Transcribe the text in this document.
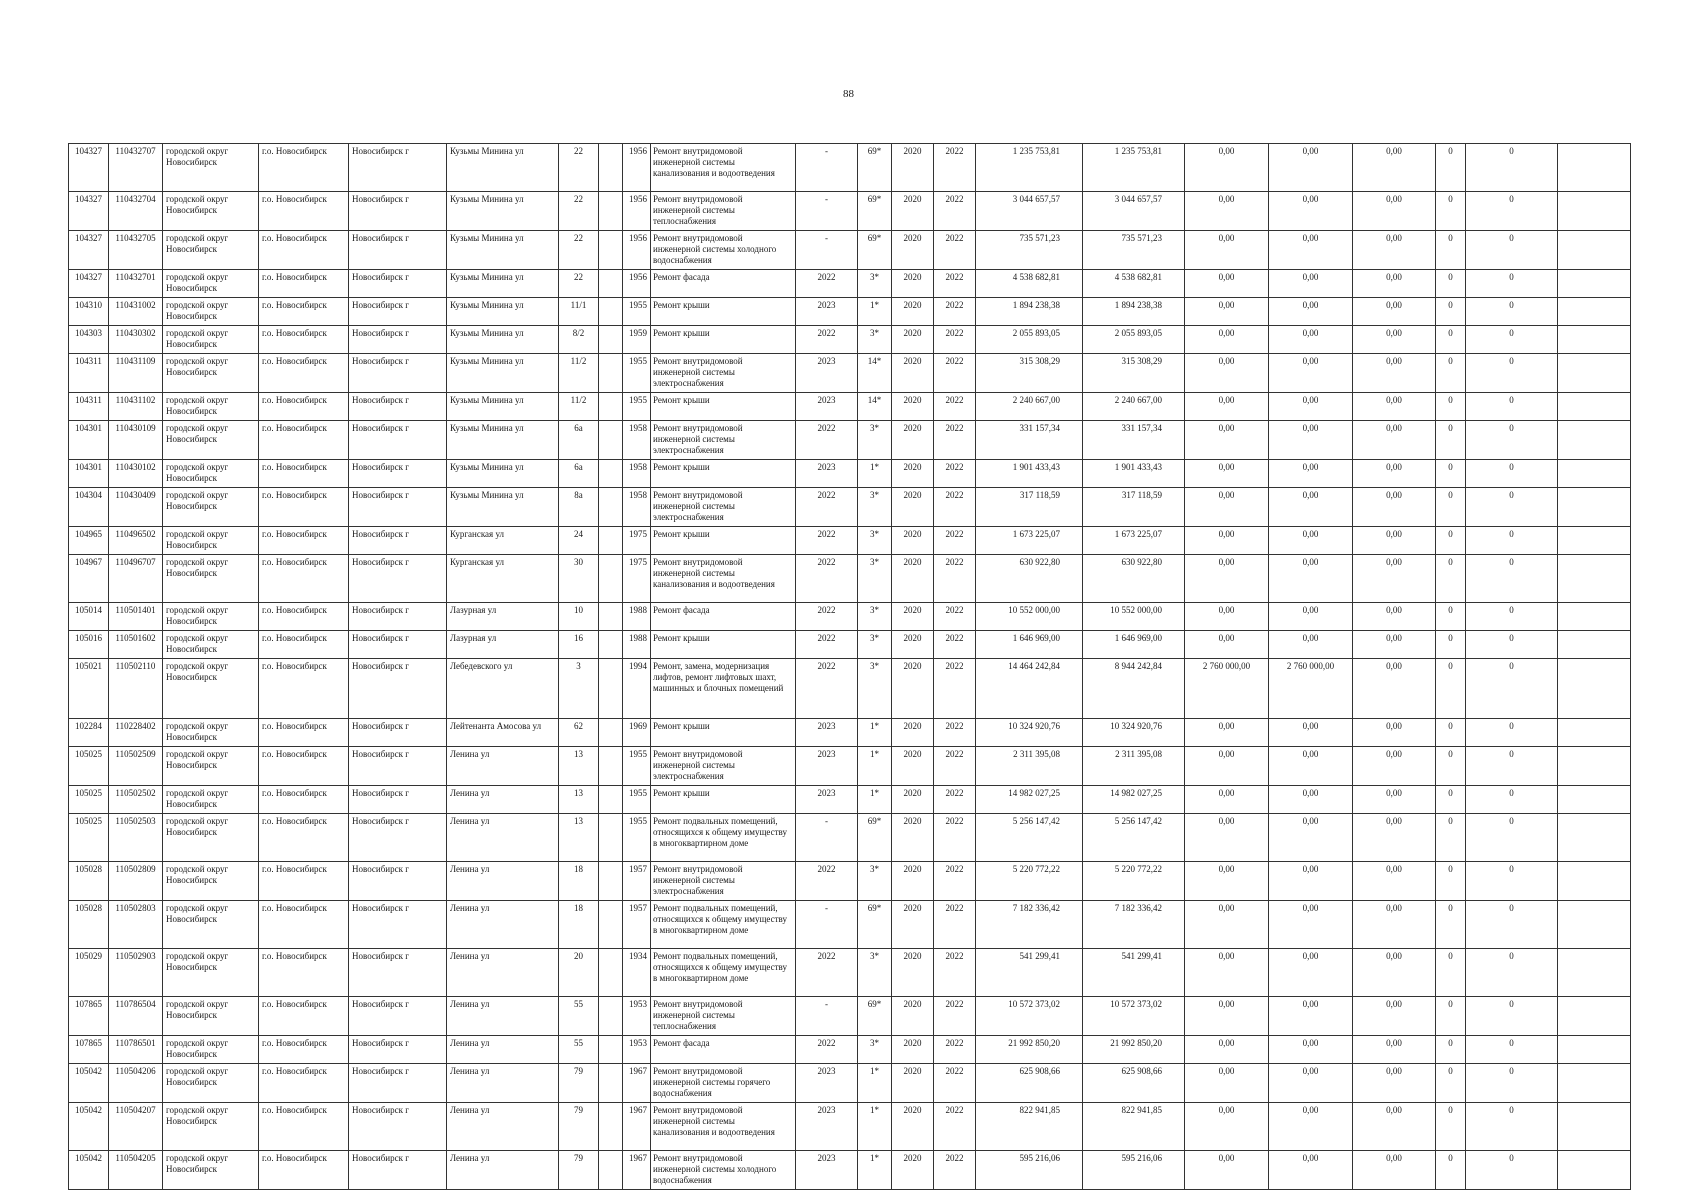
88
104327	110432707	городской округ Новосибирск	г.о. Новосибирск	Новосибирск г	Кузьмы Минина ул	22		1956	Ремонт внутридомовой инженерной системы канализования и водоотведения	-	69*	2020	2022	1 235 753,81	1 235 753,81	0,00	0,00	0,00	0	0	
104327	110432704	городской округ Новосибирск	г.о. Новосибирск	Новосибирск г	Кузьмы Минина ул	22		1956	Ремонт внутридомовой инженерной системы теплоснабжения	-	69*	2020	2022	3 044 657,57	3 044 657,57	0,00	0,00	0,00	0	0	
104327	110432705	городской округ Новосибирск	г.о. Новосибирск	Новосибирск г	Кузьмы Минина ул	22		1956	Ремонт внутридомовой инженерной системы холодного водоснабжения	-	69*	2020	2022	735 571,23	735 571,23	0,00	0,00	0,00	0	0	
104327	110432701	городской округ Новосибирск	г.о. Новосибирск	Новосибирск г	Кузьмы Минина ул	22		1956	Ремонт фасада	2022	3*	2020	2022	4 538 682,81	4 538 682,81	0,00	0,00	0,00	0	0	
104310	110431002	городской округ Новосибирск	г.о. Новосибирск	Новосибирск г	Кузьмы Минина ул	11/1		1955	Ремонт крыши	2023	1*	2020	2022	1 894 238,38	1 894 238,38	0,00	0,00	0,00	0	0	
104303	110430302	городской округ Новосибирск	г.о. Новосибирск	Новосибирск г	Кузьмы Минина ул	8/2		1959	Ремонт крыши	2022	3*	2020	2022	2 055 893,05	2 055 893,05	0,00	0,00	0,00	0	0	
104311	110431109	городской округ Новосибирск	г.о. Новосибирск	Новосибирск г	Кузьмы Минина ул	11/2		1955	Ремонт внутридомовой инженерной системы электроснабжения	2023	14*	2020	2022	315 308,29	315 308,29	0,00	0,00	0,00	0	0	
104311	110431102	городской округ Новосибирск	г.о. Новосибирск	Новосибирск г	Кузьмы Минина ул	11/2		1955	Ремонт крыши	2023	14*	2020	2022	2 240 667,00	2 240 667,00	0,00	0,00	0,00	0	0	
104301	110430109	городской округ Новосибирск	г.о. Новосибирск	Новосибирск г	Кузьмы Минина ул	6а		1958	Ремонт внутридомовой инженерной системы электроснабжения	2022	3*	2020	2022	331 157,34	331 157,34	0,00	0,00	0,00	0	0	
104301	110430102	городской округ Новосибирск	г.о. Новосибирск	Новосибирск г	Кузьмы Минина ул	6а		1958	Ремонт крыши	2023	1*	2020	2022	1 901 433,43	1 901 433,43	0,00	0,00	0,00	0	0	
104304	110430409	городской округ Новосибирск	г.о. Новосибирск	Новосибирск г	Кузьмы Минина ул	8а		1958	Ремонт внутридомовой инженерной системы электроснабжения	2022	3*	2020	2022	317 118,59	317 118,59	0,00	0,00	0,00	0	0	
104965	110496502	городской округ Новосибирск	г.о. Новосибирск	Новосибирск г	Курганская ул	24		1975	Ремонт крыши	2022	3*	2020	2022	1 673 225,07	1 673 225,07	0,00	0,00	0,00	0	0	
104967	110496707	городской округ Новосибирск	г.о. Новосибирск	Новосибирск г	Курганская ул	30		1975	Ремонт внутридомовой инженерной системы канализования и водоотведения	2022	3*	2020	2022	630 922,80	630 922,80	0,00	0,00	0,00	0	0	
105014	110501401	городской округ Новосибирск	г.о. Новосибирск	Новосибирск г	Лазурная ул	10		1988	Ремонт фасада	2022	3*	2020	2022	10 552 000,00	10 552 000,00	0,00	0,00	0,00	0	0	
105016	110501602	городской округ Новосибирск	г.о. Новосибирск	Новосибирск г	Лазурная ул	16		1988	Ремонт крыши	2022	3*	2020	2022	1 646 969,00	1 646 969,00	0,00	0,00	0,00	0	0	
105021	110502110	городской округ Новосибирск	г.о. Новосибирск	Новосибирск г	Лебедевского ул	3		1994	Ремонт, замена, модернизация лифтов, ремонт лифтовых шахт, машинных и блочных помещений	2022	3*	2020	2022	14 464 242,84	8 944 242,84	2 760 000,00	2 760 000,00	0,00	0	0	
102284	110228402	городской округ Новосибирск	г.о. Новосибирск	Новосибирск г	Лейтенанта Амосова ул	62		1969	Ремонт крыши	2023	1*	2020	2022	10 324 920,76	10 324 920,76	0,00	0,00	0,00	0	0	
105025	110502509	городской округ Новосибирск	г.о. Новосибирск	Новосибирск г	Ленина ул	13		1955	Ремонт внутридомовой инженерной системы электроснабжения	2023	1*	2020	2022	2 311 395,08	2 311 395,08	0,00	0,00	0,00	0	0	
105025	110502502	городской округ Новосибирск	г.о. Новосибирск	Новосибирск г	Ленина ул	13		1955	Ремонт крыши	2023	1*	2020	2022	14 982 027,25	14 982 027,25	0,00	0,00	0,00	0	0	
105025	110502503	городской округ Новосибирск	г.о. Новосибирск	Новосибирск г	Ленина ул	13		1955	Ремонт подвальных помещений, относящихся к общему имуществу в многоквартирном доме	-	69*	2020	2022	5 256 147,42	5 256 147,42	0,00	0,00	0,00	0	0	
105028	110502809	городской округ Новосибирск	г.о. Новосибирск	Новосибирск г	Ленина ул	18		1957	Ремонт внутридомовой инженерной системы электроснабжения	2022	3*	2020	2022	5 220 772,22	5 220 772,22	0,00	0,00	0,00	0	0	
105028	110502803	городской округ Новосибирск	г.о. Новосибирск	Новосибирск г	Ленина ул	18		1957	Ремонт подвальных помещений, относящихся к общему имуществу в многоквартирном доме	-	69*	2020	2022	7 182 336,42	7 182 336,42	0,00	0,00	0,00	0	0	
105029	110502903	городской округ Новосибирск	г.о. Новосибирск	Новосибирск г	Ленина ул	20		1934	Ремонт подвальных помещений, относящихся к общему имуществу в многоквартирном доме	2022	3*	2020	2022	541 299,41	541 299,41	0,00	0,00	0,00	0	0	
107865	110786504	городской округ Новосибирск	г.о. Новосибирск	Новосибирск г	Ленина ул	55		1953	Ремонт внутридомовой инженерной системы теплоснабжения	-	69*	2020	2022	10 572 373,02	10 572 373,02	0,00	0,00	0,00	0	0	
107865	110786501	городской округ Новосибирск	г.о. Новосибирск	Новосибирск г	Ленина ул	55		1953	Ремонт фасада	2022	3*	2020	2022	21 992 850,20	21 992 850,20	0,00	0,00	0,00	0	0	
105042	110504206	городской округ Новосибирск	г.о. Новосибирск	Новосибирск г	Ленина ул	79		1967	Ремонт внутридомовой инженерной системы горячего водоснабжения	2023	1*	2020	2022	625 908,66	625 908,66	0,00	0,00	0,00	0	0	
105042	110504207	городской округ Новосибирск	г.о. Новосибирск	Новосибирск г	Ленина ул	79		1967	Ремонт внутридомовой инженерной системы канализования и водоотведения	2023	1*	2020	2022	822 941,85	822 941,85	0,00	0,00	0,00	0	0	
105042	110504205	городской округ Новосибирск	г.о. Новосибирск	Новосибирск г	Ленина ул	79		1967	Ремонт внутридомовой инженерной системы холодного водоснабжения	2023	1*	2020	2022	595 216,06	595 216,06	0,00	0,00	0,00	0	0	
